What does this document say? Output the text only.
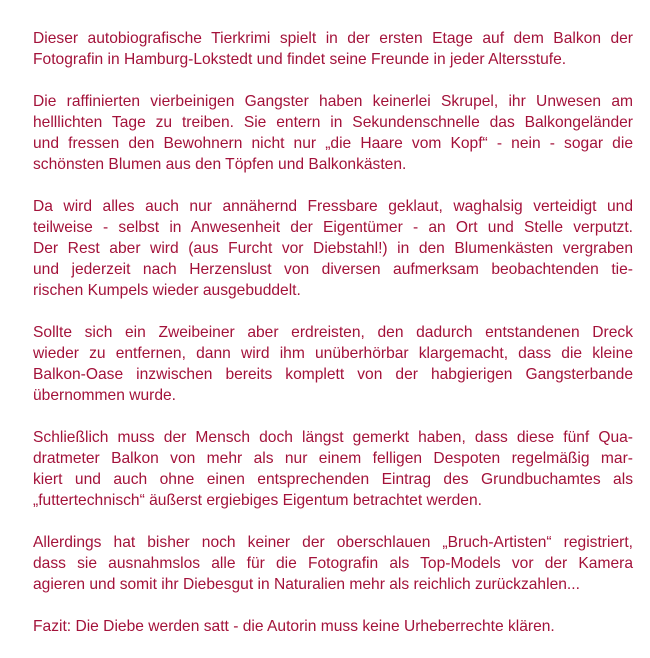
Dieser autobiografische Tierkrimi spielt in der ersten Etage auf dem Balkon der
Fotografin in Hamburg-Lokstedt und findet seine Freunde in jeder Altersstufe.
Die raffinierten vierbeinigen Gangster haben keinerlei Skrupel, ihr Unwesen am
helllichten Tage zu treiben. Sie entern in Sekundenschnelle das Balkongeländer
und fressen den Bewohnern nicht nur „die Haare vom Kopf“ - nein - sogar die
schönsten Blumen aus den Töpfen und Balkonkästen.
Da wird alles auch nur annähernd Fressbare geklaut, waghalsig verteidigt und
teilweise - selbst in Anwesenheit der Eigentümer - an Ort und Stelle verputzt.
Der Rest aber wird (aus Furcht vor Diebstahl!) in den Blumenkästen vergraben
und jederzeit nach Herzenslust von diversen aufmerksam beobachtenden tie-
rischen Kumpels wieder ausgebuddelt.
Sollte sich ein Zweibeiner aber erdreisten, den dadurch entstandenen Dreck
wieder zu entfernen, dann wird ihm unüberhörbar klargemacht, dass die kleine
Balkon-Oase inzwischen bereits komplett von der habgierigen Gangsterbande
übernommen wurde.
Schließlich muss der Mensch doch längst gemerkt haben, dass diese fünf Qua-
dratmeter Balkon von mehr als nur einem felligen Despoten regelmäßig mar-
kiert und auch ohne einen entsprechenden Eintrag des Grundbuchamtes als
„futtertechnisch“ äußerst ergiebiges Eigentum betrachtet werden.
Allerdings hat bisher noch keiner der oberschlauen „Bruch-Artisten“ registriert,
dass sie ausnahmslos alle für die Fotografin als Top-Models vor der Kamera
agieren und somit ihr Diebesgut in Naturalien mehr als reichlich zurückzahlen...
Fazit: Die Diebe werden satt - die Autorin muss keine Urheberrechte klären.
